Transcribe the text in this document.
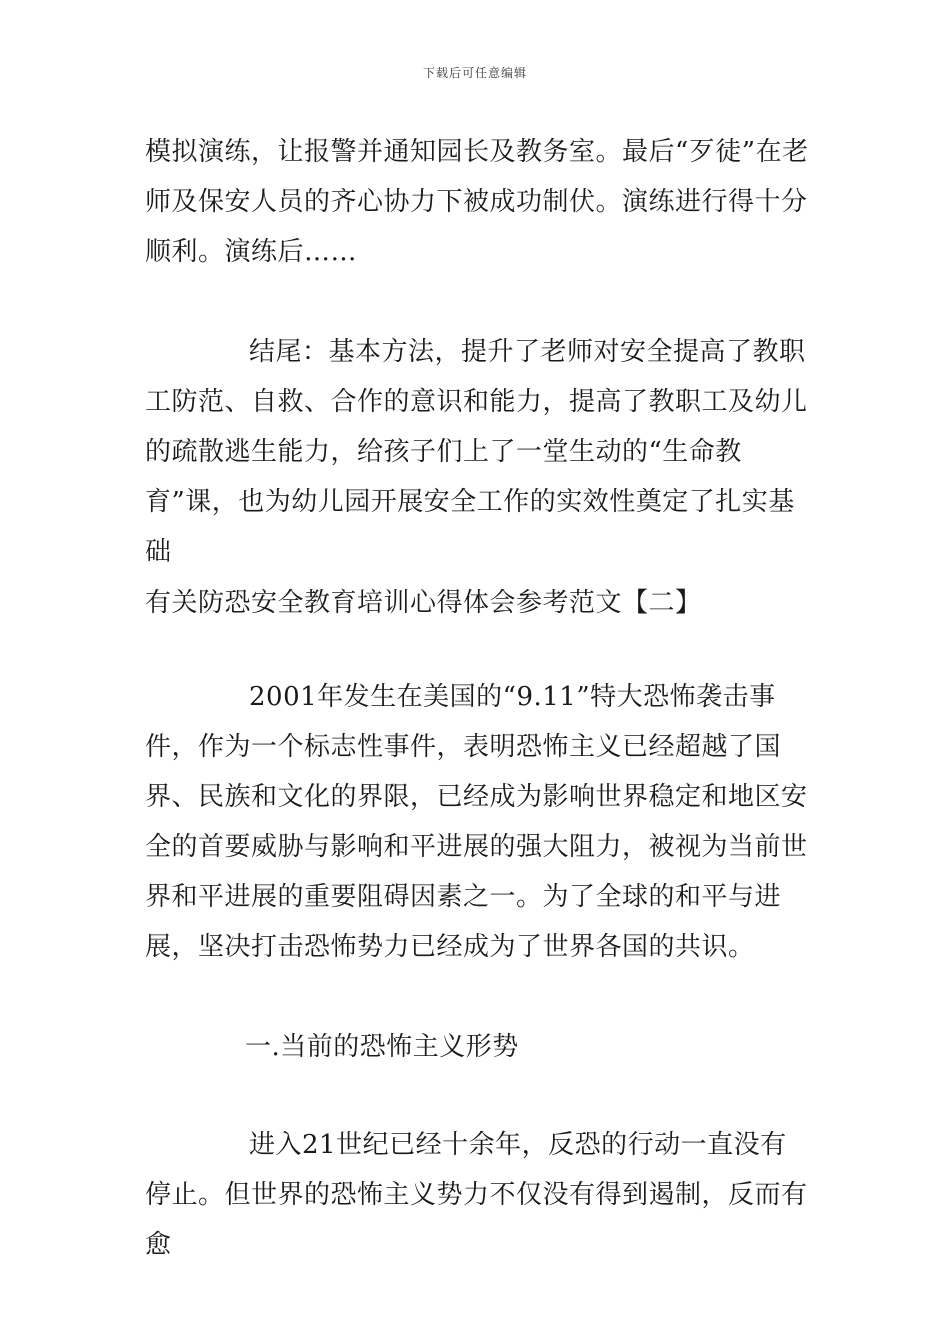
下载后可任意编辑

模拟演练，让报警并通知园长及教务室。最后“歹徒”在老师及保安人员的齐心协力下被成功制伏。演练进行得十分顺利。演练后……

结尾：基本方法，提升了老师对安全提高了教职工防范、自救、合作的意识和能力，提高了教职工及幼儿的疏散逃生能力，给孩子们上了一堂生动的“生命教育”课，也为幼儿园开展安全工作的实效性奠定了扎实基础

有关防恐安全教育培训心得体会参考范文【二】

2001年发生在美国的“9.11”特大恐怖袭击事件，作为一个标志性事件，表明恐怖主义已经超越了国界、民族和文化的界限，已经成为影响世界稳定和地区安全的首要威胁与影响和平进展的强大阻力，被视为当前世界和平进展的重要阻碍因素之一。为了全球的和平与进展，坚决打击恐怖势力已经成为了世界各国的共识。

一.当前的恐怖主义形势

进入21世纪已经十余年，反恐的行动一直没有停止。但世界的恐怖主义势力不仅没有得到遏制，反而有愈
